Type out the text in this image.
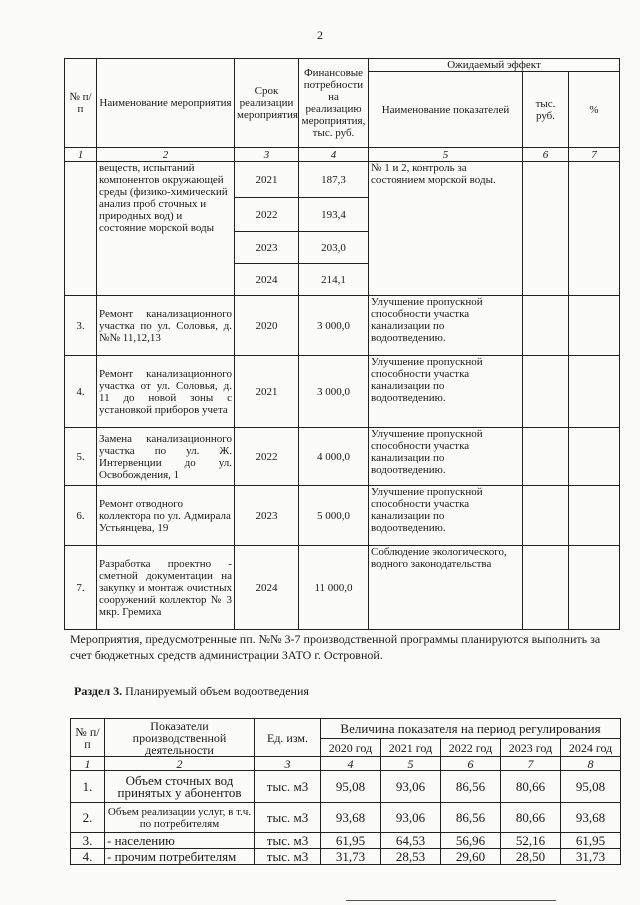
2
№ п/п	Наименование мероприятия	Срок реализации мероприятия	Финансовые потребности на реализацию мероприятия, тыс. руб.	Ожидаемый эффект		
				Наименование показателей	тыс. руб.	%
1	2	3	4	5	6	7
	веществ, испытаний компонентов окружающей среды (физико-химический анализ проб сточных и природных вод) и состояние морской воды	2021	187,3	№ 1 и 2, контроль за состоянием морской воды.		
		2022	193,4			
		2023	203,0			
		2024	214,1			
3.	Ремонт канализационного участка по ул. Соловья, д. №№ 11,12,13	2020	3 000,0	Улучшение пропускной способности участка канализации по водоотведению.		
4.	Ремонт канализационного участка от ул. Соловья, д. 11 до новой зоны с установкой приборов учета	2021	3 000,0	Улучшение пропускной способности участка канализации по водоотведению.		
5.	Замена канализационного участка по ул. Ж. Интервенции до ул. Освобождения, 1	2022	4 000,0	Улучшение пропускной способности участка канализации по водоотведению.		
6.	Ремонт отводного коллектора по ул. Адмирала Устьянцева, 19	2023	5 000,0	Улучшение пропускной способности участка канализации по водоотведению.		
7.	Разработка проектно - сметной документации на закупку и монтаж очистных сооружений коллектор № 3 мкр. Гремиха	2024	11 000,0	Соблюдение экологического, водного законодательства		
Мероприятия, предусмотренные пп. №№ 3-7 производственной программы планируются выполнить за счет бюджетных средств администрации ЗАТО г. Островной.
Раздел 3. Планируемый объем водоотведения
№ п/п	Показатели производственной деятельности	Ед. изм.	Величина показателя на период регулирования				
			2020 год	2021 год	2022 год	2023 год	2024 год
1	2	3	4	5	6	7	8
1.	Объем сточных вод принятых у абонентов	тыс. м3	95,08	93,06	86,56	80,66	95,08
2.	Объем реализации услуг, в т.ч. по потребителям	тыс. м3	93,68	93,06	86,56	80,66	93,68
3.	- населению	тыс. м3	61,95	64,53	56,96	52,16	61,95
4.	- прочим потребителям	тыс. м3	31,73	28,53	29,60	28,50	31,73
